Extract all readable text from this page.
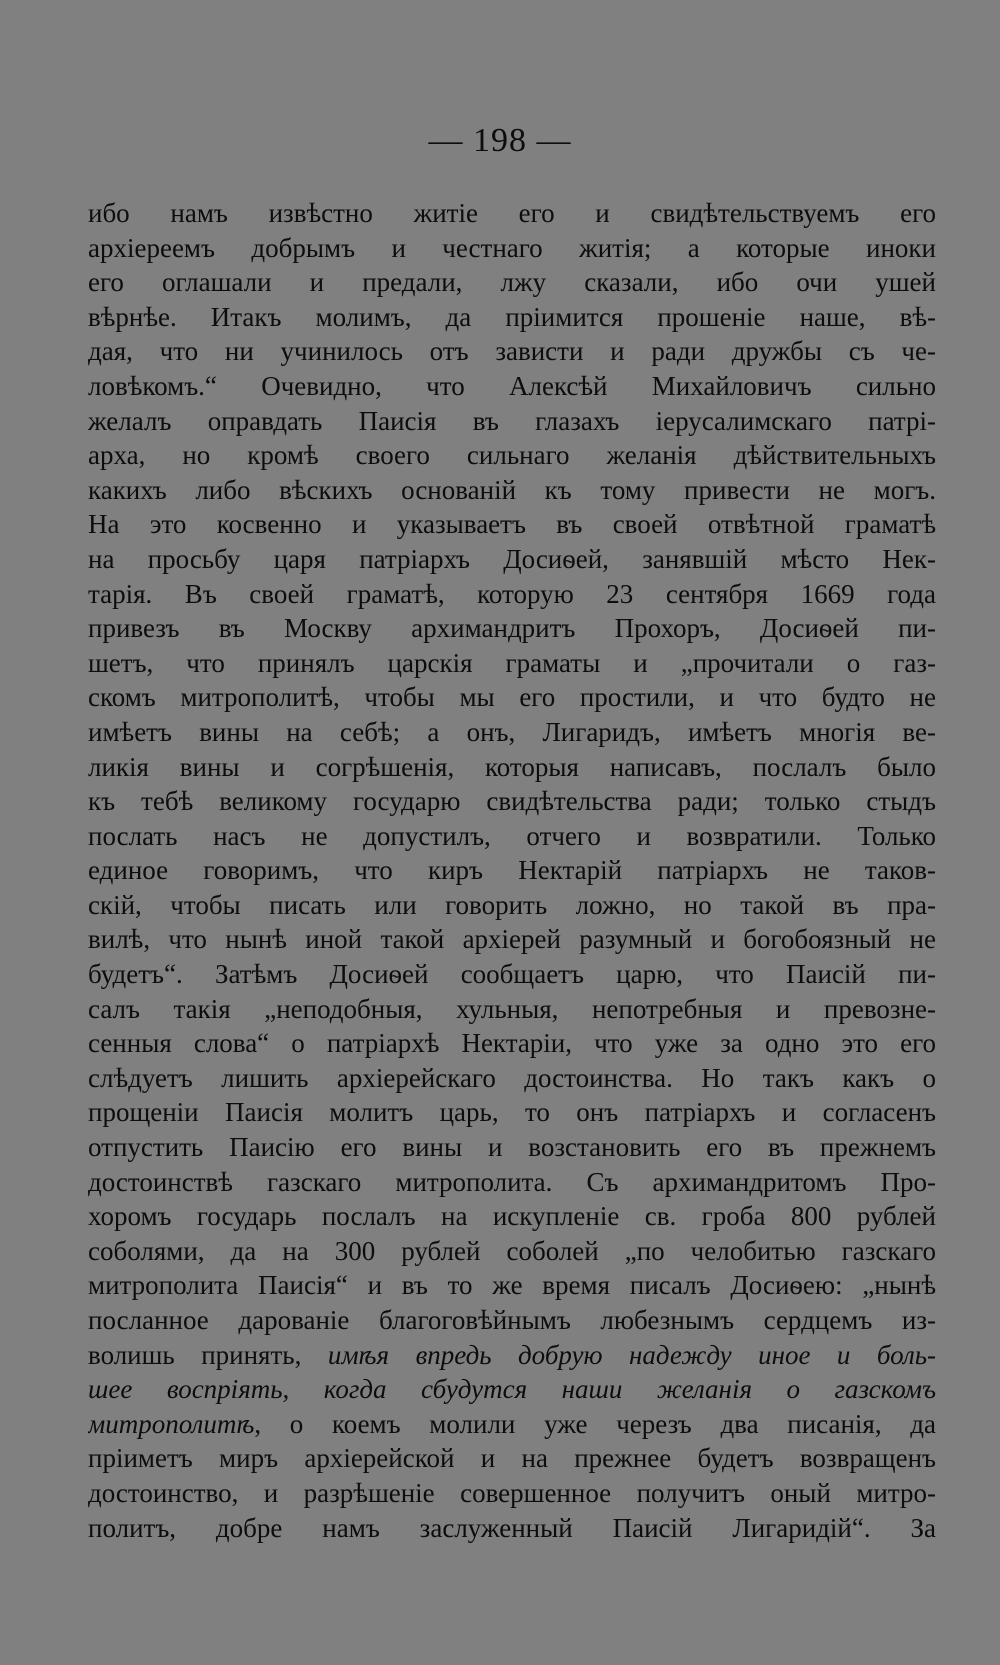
— 198 —
ибо намъ извѣстно житіе его и свидѣтельствуемъ его
архіереемъ добрымъ и честнаго житія; а которые иноки
его оглашали и предали, лжу сказали, ибо очи ушей
вѣрнѣе. Итакъ молимъ, да пріимится прошеніе наше, вѣ-
дая, что ни учинилось отъ зависти и ради дружбы съ че-
ловѣкомъ.“ Очевидно, что Алексѣй Михайловичъ сильно
желалъ оправдать Паисія въ глазахъ іерусалимскаго патрі-
арха, но кромѣ своего сильнаго желанія дѣйствительныхъ
какихъ либо вѣскихъ основаній къ тому привести не могъ.
На это косвенно и указываетъ въ своей отвѣтной граматѣ
на просьбу царя патріархъ Досиѳей, занявшій мѣсто Нек-
тарія. Въ своей граматѣ, которую 23 сентября 1669 года
привезъ въ Москву архимандритъ Прохоръ, Досиѳей пи-
шетъ, что принялъ царскія граматы и „прочитали о газ-
скомъ митрополитѣ, чтобы мы его простили, и что будто не
имѣетъ вины на себѣ; а онъ, Лигаридъ, имѣетъ многія ве-
ликія вины и согрѣшенія, которыя написавъ, послалъ было
къ тебѣ великому государю свидѣтельства ради; только стыдъ
послать насъ не допустилъ, отчего и возвратили. Только
единое говоримъ, что киръ Нектарій патріархъ не таков-
скій, чтобы писать или говорить ложно, но такой въ пра-
вилѣ, что нынѣ иной такой архіерей разумный и богобоязный не
будетъ“. Затѣмъ Досиѳей сообщаетъ царю, что Паисій пи-
салъ такія „неподобныя, хульныя, непотребныя и превозне-
сенныя слова“ о патріархѣ Нектаріи, что уже за одно это его
слѣдуетъ лишить архіерейскаго достоинства. Но такъ какъ о
прощеніи Паисія молитъ царь, то онъ патріархъ и согласенъ
отпустить Паисію его вины и возстановить его въ прежнемъ
достоинствѣ газскаго митрополита. Съ архимандритомъ Про-
хоромъ государь послалъ на искупленіе св. гроба 800 рублей
соболями, да на 300 рублей соболей „по челобитью газскаго
митрополита Паисія“ и въ то же время писалъ Досиѳею: „нынѣ
посланное дарованіе благоговѣйнымъ любезнымъ сердцемъ из-
волишь принять, имѣя впредь добрую надежду иное и боль-
шее воспріять, когда сбудутся наши желанія о газскомъ
митрополитѣ, о коемъ молили уже черезъ два писанія, да
пріиметъ миръ архіерейской и на прежнее будетъ возвращенъ
достоинство, и разрѣшеніе совершенное получитъ оный митро-
политъ, добре намъ заслуженный Паисій Лигаридій“. За
